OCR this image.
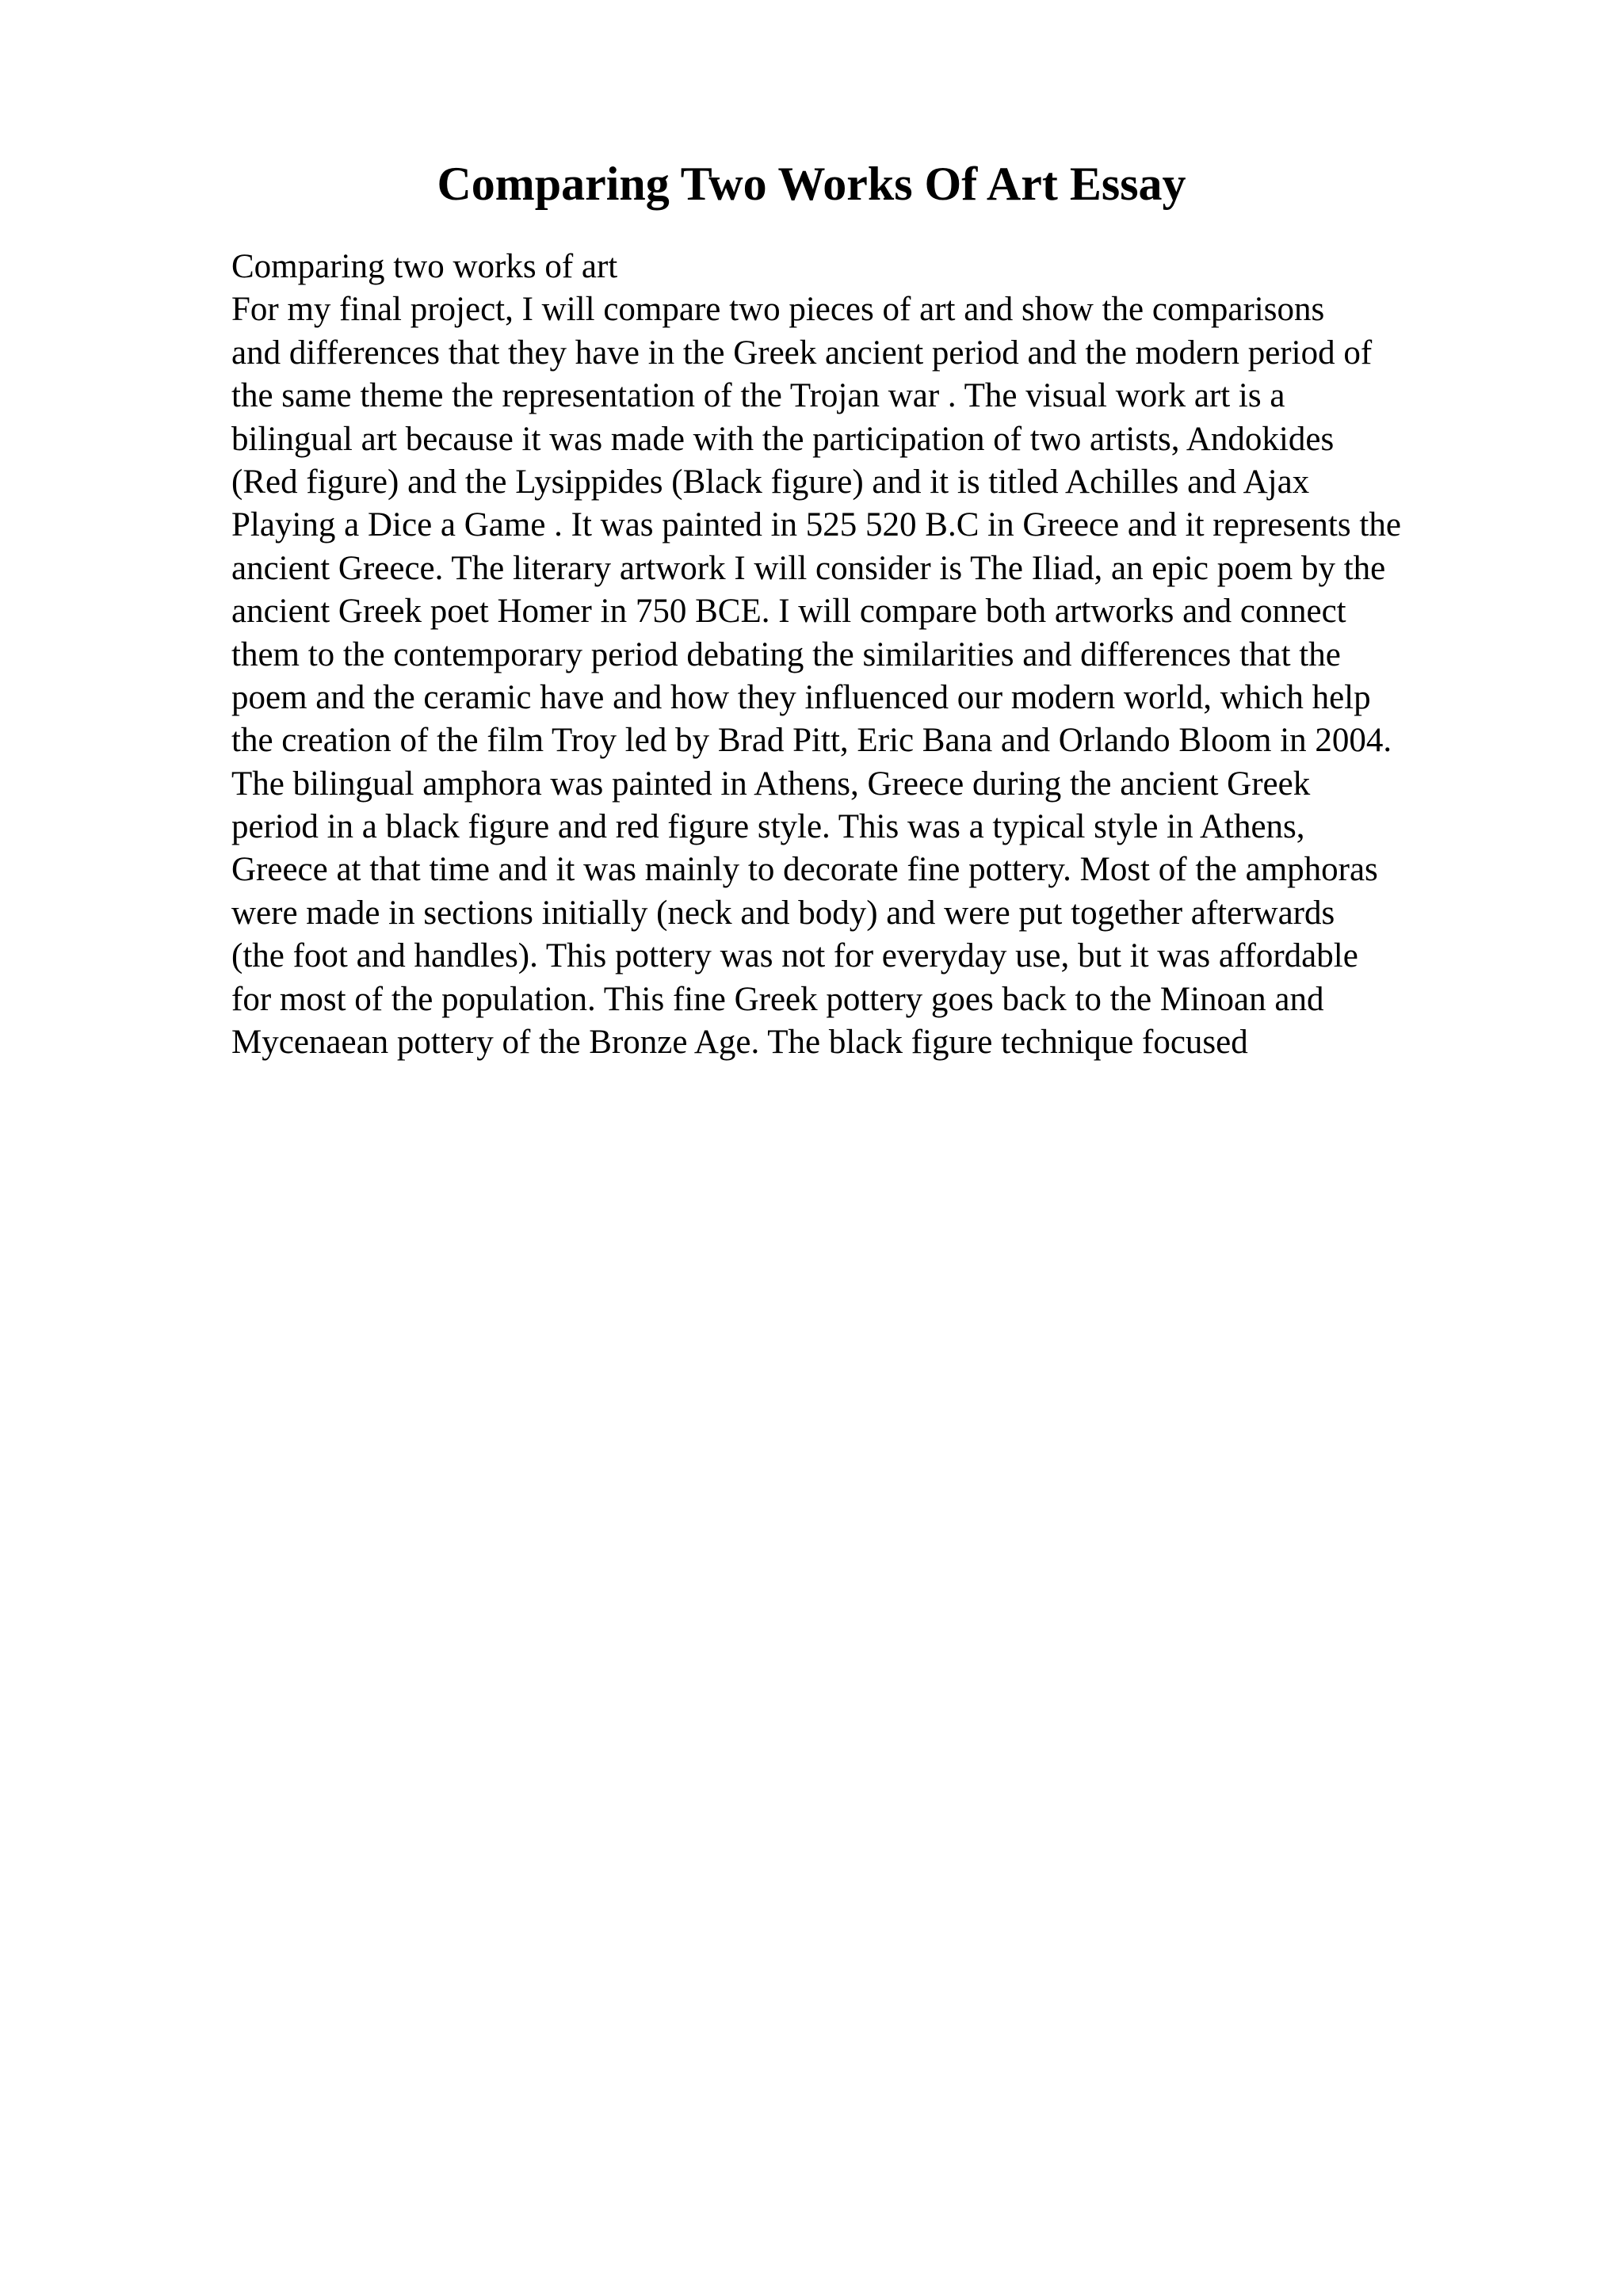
Comparing Two Works Of Art Essay
Comparing two works of art
For my final project, I will compare two pieces of art and show the comparisons
and differences that they have in the Greek ancient period and the modern period of
the same theme the representation of the Trojan war . The visual work art is a
bilingual art because it was made with the participation of two artists, Andokides
(Red figure) and the Lysippides (Black figure) and it is titled Achilles and Ajax
Playing a Dice a Game . It was painted in 525 520 B.C in Greece and it represents the
ancient Greece. The literary artwork I will consider is The Iliad, an epic poem by the
ancient Greek poet Homer in 750 BCE. I will compare both artworks and connect
them to the contemporary period debating the similarities and differences that the
poem and the ceramic have and how they influenced our modern world, which help
the creation of the film Troy led by Brad Pitt, Eric Bana and Orlando Bloom in 2004.
The bilingual amphora was painted in Athens, Greece during the ancient Greek
period in a black figure and red figure style. This was a typical style in Athens,
Greece at that time and it was mainly to decorate fine pottery. Most of the amphoras
were made in sections initially (neck and body) and were put together afterwards
(the foot and handles). This pottery was not for everyday use, but it was affordable
for most of the population. This fine Greek pottery goes back to the Minoan and
Mycenaean pottery of the Bronze Age. The black figure technique focused
